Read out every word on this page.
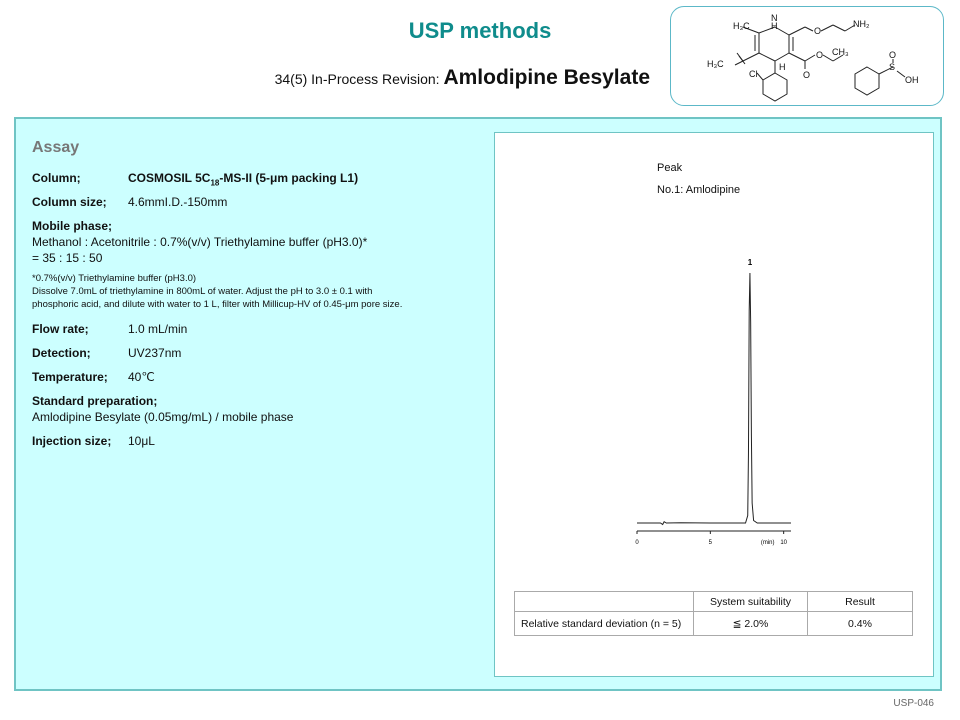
USP methods
34(5) In-Process Revision: Amlodipine Besylate
H₃C
N
H	O
NH₂
H₃C
O CH₃
H
Cl
S
OH
O
O
Assay
Column;	COSMOSIL $5C_{18}-MS-II$ (5-μm packing L1)
Column size; 4.6mmI.D.-150mm
Mobile phase;
Methanol : Acetonitrile : 0.7%(v/v) Triethylamine buffer (pH3.0)*
= 35 : 15 : 50
*0.7%(v/v) Triethylamine buffer (pH3.0)
Dissolve 7.0mL of triethylamine in 800mL of water. Adjust the pH to 3.0 ± 0.1 with
phosphoric acid, and dilute with water to 1 L, filter with Millicup-HV of 0.45-μm pore size.
Flow rate;	1.0 mL/min
Detection;	UV237nm
Temperature; 40℃
Standard preparation;
Amlodipine Besylate (0.05mg/mL) / mobile phase
Injection size; 10μL
Peak
No.1: Amlodipine
0	5	10
(min)
1
	System suitability	Result
Relative standard deviation (n = 5)	≦ 2.0%	0.4%
USP-046
